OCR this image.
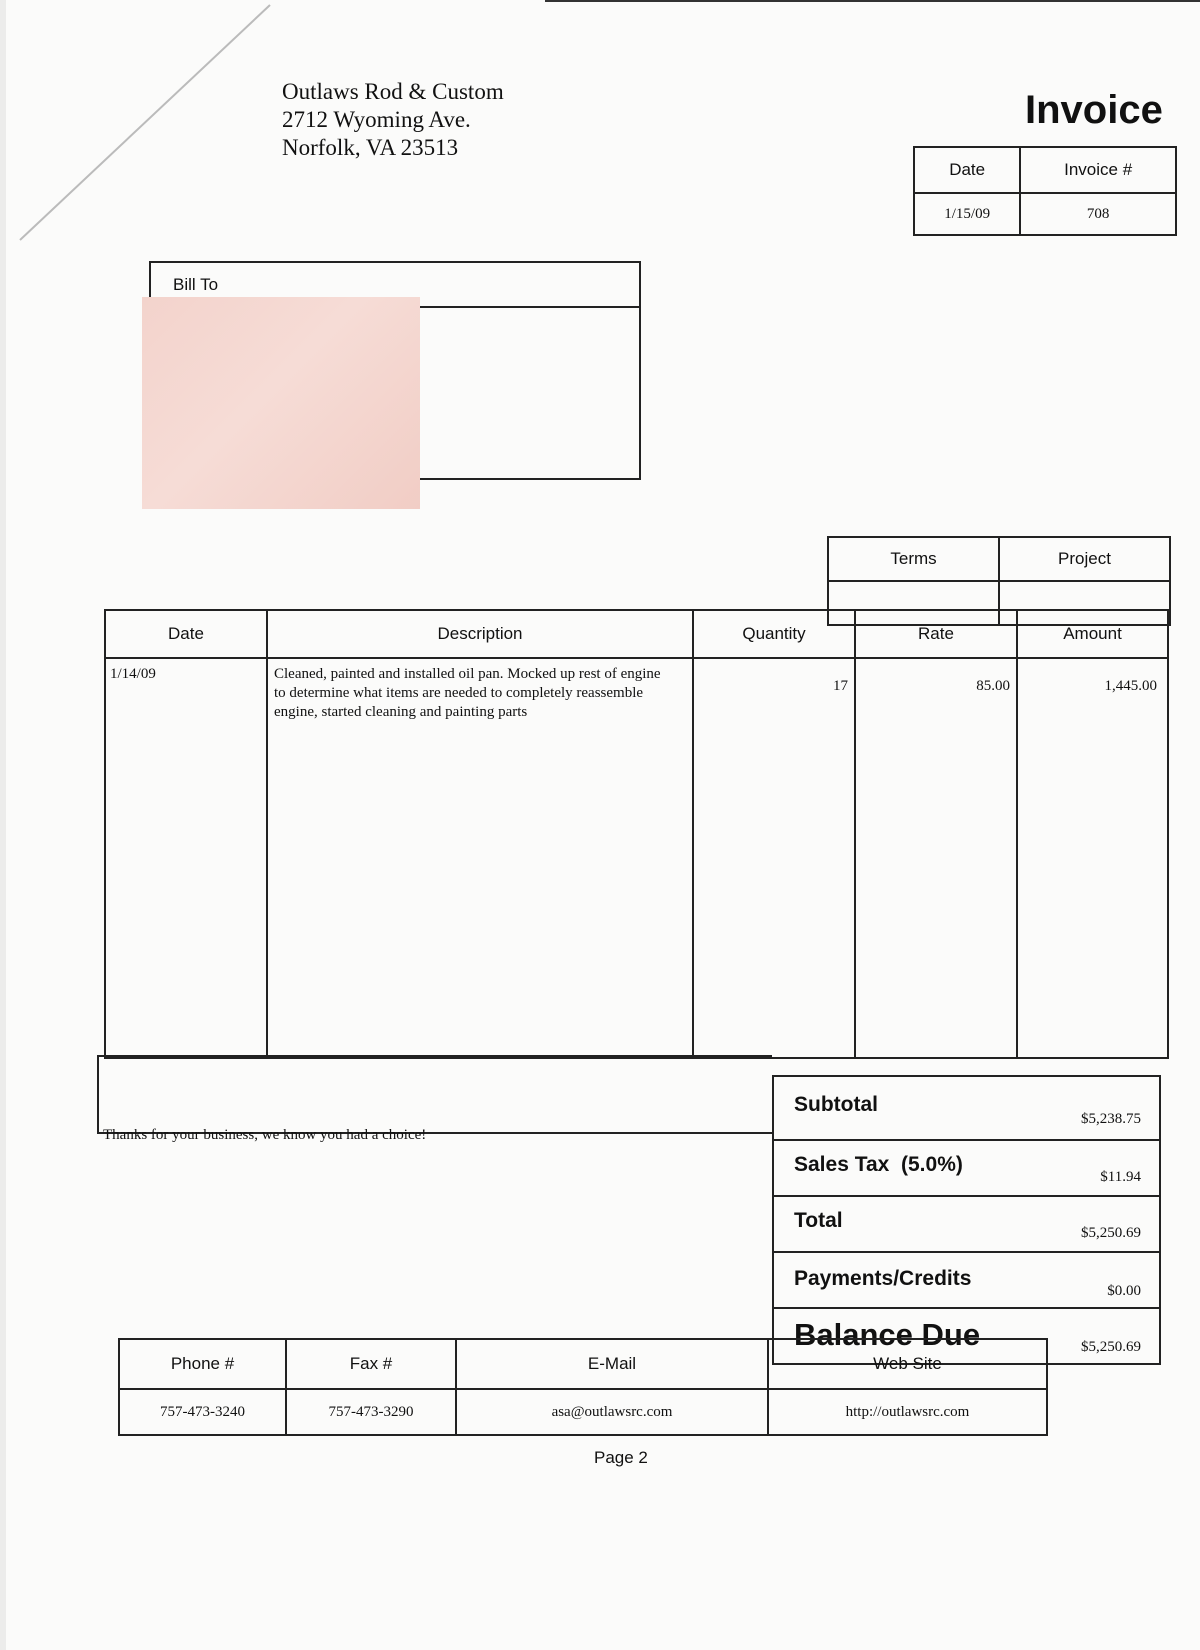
Outlaws Rod & Custom
2712 Wyoming Ave.
Norfolk, VA 23513
Invoice
Date	Invoice #
1/15/09	708
Bill To
Terms	Project

Date	Description	Quantity	Rate	Amount

1/14/09	Cleaned, painted and installed oil pan. Mocked up rest of engine to determine what items are needed to completely reassemble engine, started cleaning and painting parts	17	85.00	1,445.00
Thanks for your business, we know you had a choice!
Subtotal
$5,238.75
Sales Tax  (5.0%)
$11.94
Total
$5,250.69
Payments/Credits
$0.00
Balance Due	$5,250.69
Phone #	Fax #	E-Mail	Web Site
757-473-3240	757-473-3290	asa@outlawsrc.com	http://outlawsrc.com
Page 2
